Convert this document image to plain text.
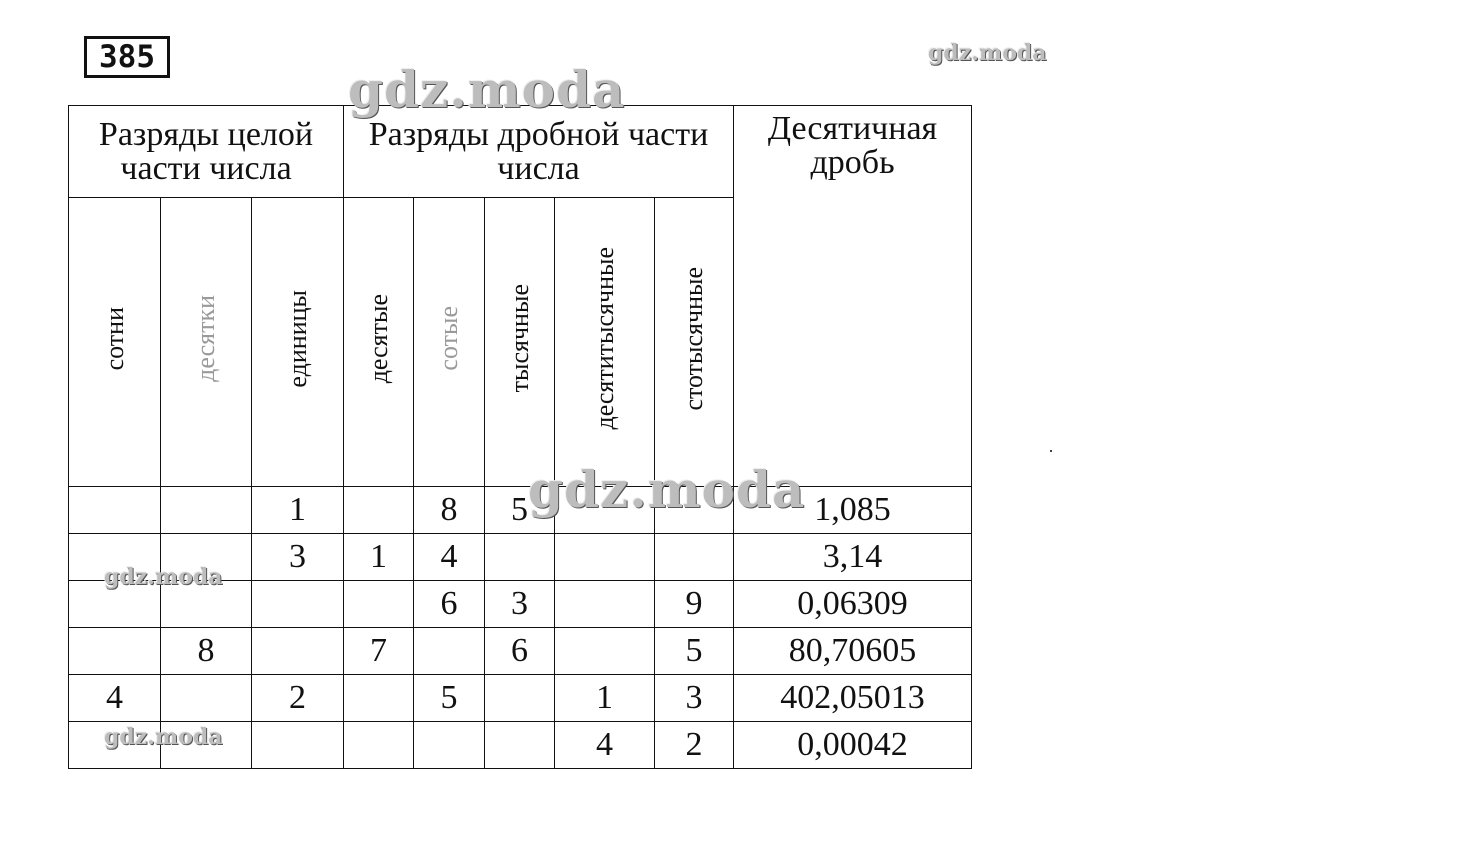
385
Разряды целой части числа			Разряды дробной части числа					Десятичная дробь
сотни	десятки	единицы	десятые	сотые	тысячные	десятитысячные	стотысячные	
		1		8	5			1,085
		3	1	4				3,14
				6	3		9	0,06309
	8		7		6		5	80,70605
4		2		5		1	3	402,05013
						4	2	0,00042
gdz.moda
gdz.moda
gdz.moda
gdz.moda
gdz.moda
